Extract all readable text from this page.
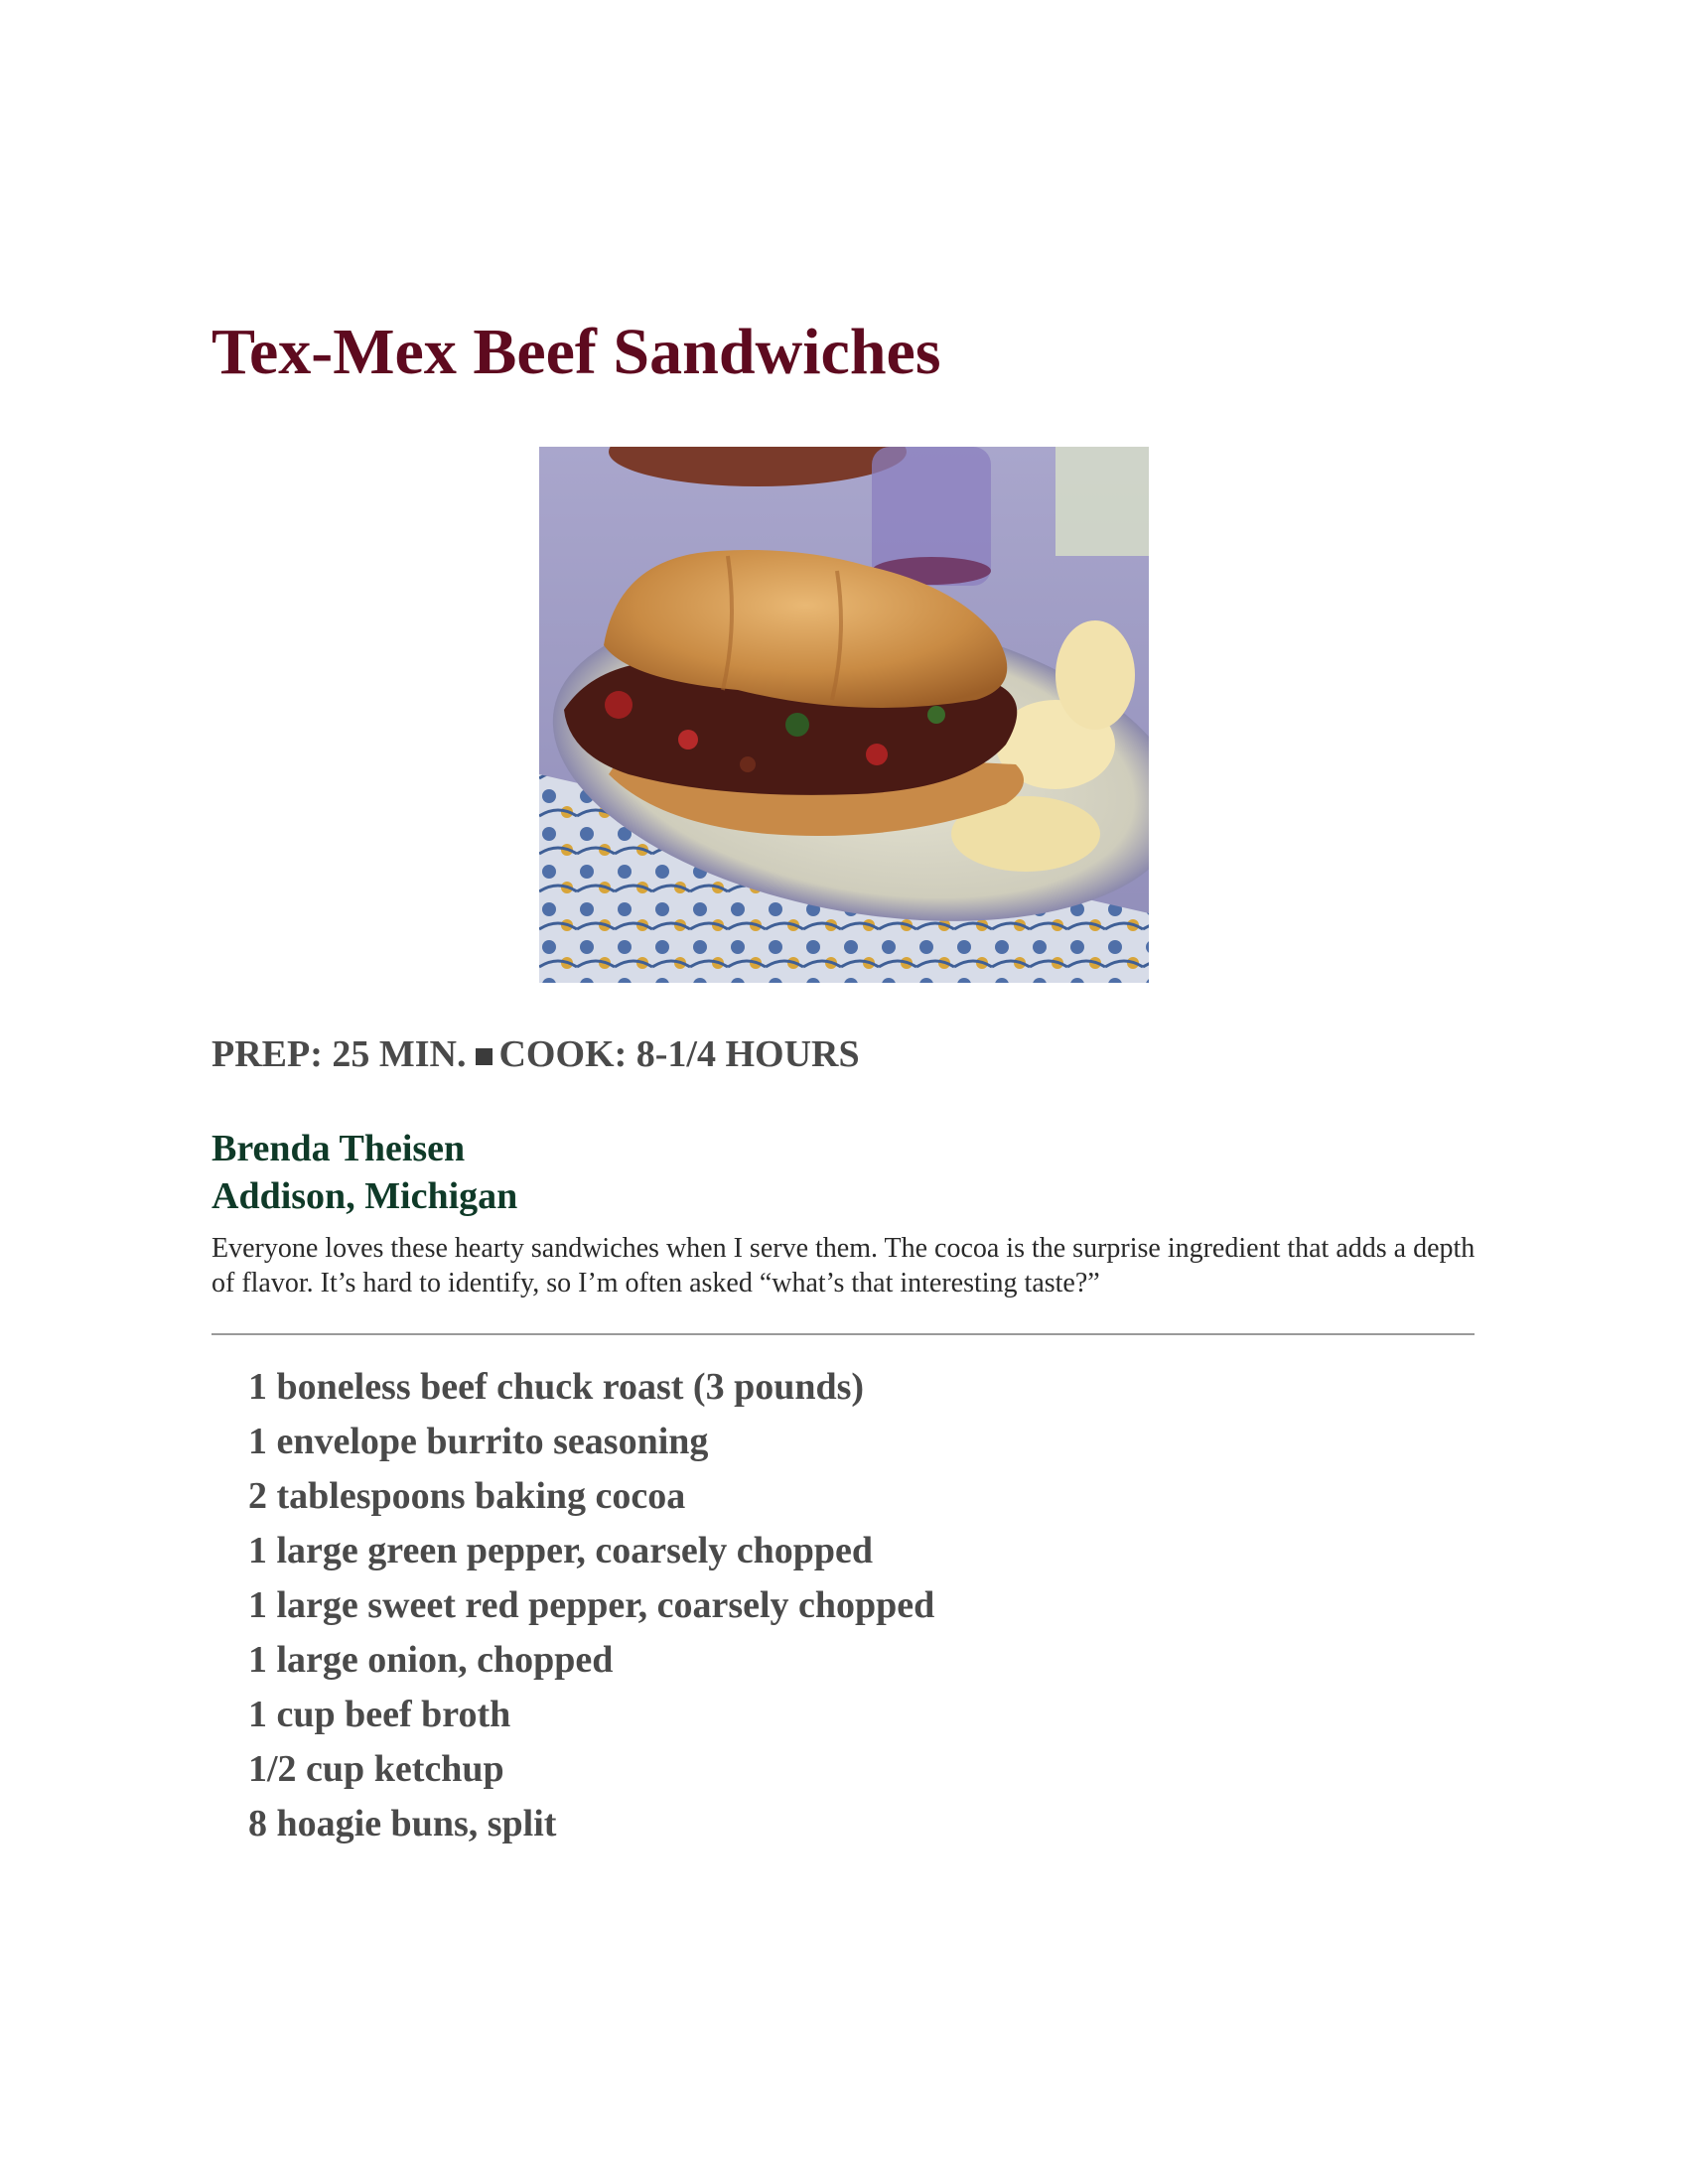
Tex-Mex Beef Sandwiches
PREP: 25 MIN. COOK: 8-1/4 HOURS
Brenda Theisen
Addison, Michigan

Everyone loves these hearty sandwiches when I serve them. The cocoa is the surprise ingredient that adds a depth of flavor. It’s hard to identify, so I’m often asked “what’s that interesting taste?”

1 boneless beef chuck roast (3 pounds)
1 envelope burrito seasoning
2 tablespoons baking cocoa
1 large green pepper, coarsely chopped
1 large sweet red pepper, coarsely chopped
1 large onion, chopped
1 cup beef broth
1/2 cup ketchup
8 hoagie buns, split
